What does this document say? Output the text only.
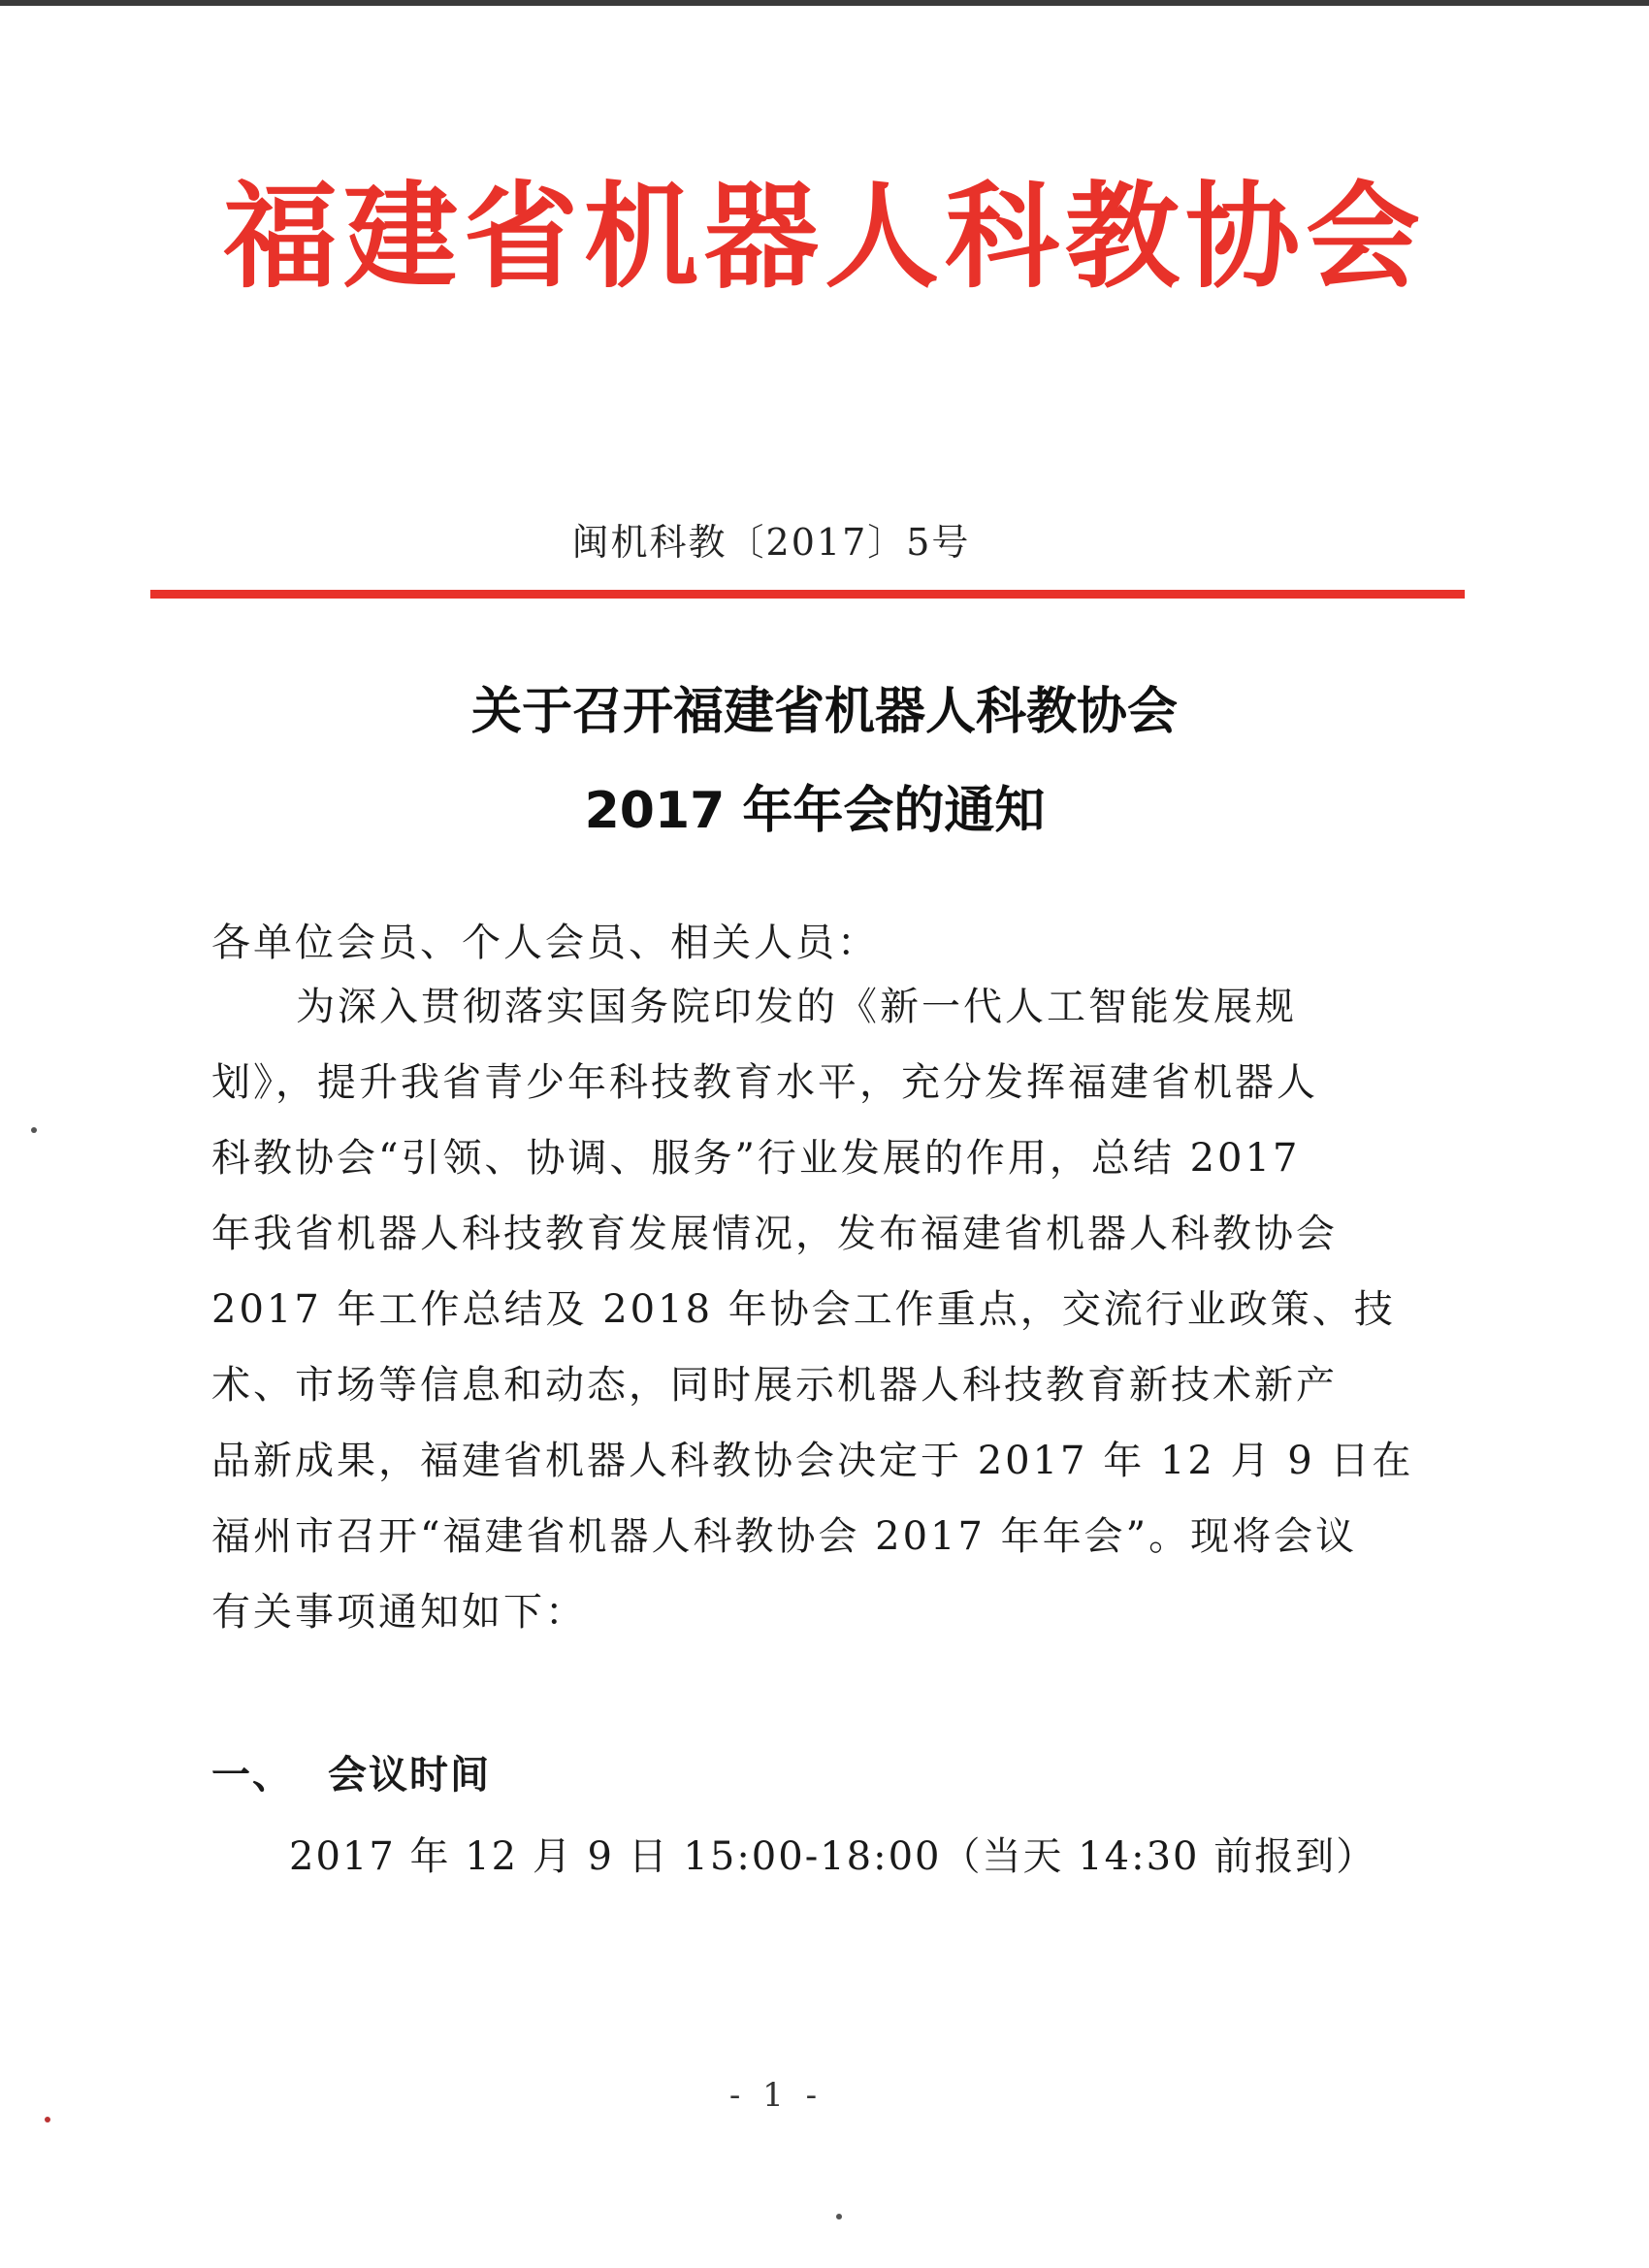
福建省机器人科教协会
闽机科教〔2017〕5号
关于召开福建省机器人科教协会
2017 年年会的通知
各单位会员、个人会员、相关人员：
为深入贯彻落实国务院印发的《新一代人工智能发展规
划》，提升我省青少年科技教育水平，充分发挥福建省机器人
科教协会“引领、协调、服务”行业发展的作用，总结 2017
年我省机器人科技教育发展情况，发布福建省机器人科教协会
2017 年工作总结及 2018 年协会工作重点，交流行业政策、技
术、市场等信息和动态，同时展示机器人科技教育新技术新产
品新成果，福建省机器人科教协会决定于 2017 年 12 月 9 日在
福州市召开“福建省机器人科教协会 2017 年年会”。现将会议
有关事项通知如下：
一、 会议时间
2017 年 12 月 9 日 15:00-18:00（当天 14:30 前报到）
- 1 -
